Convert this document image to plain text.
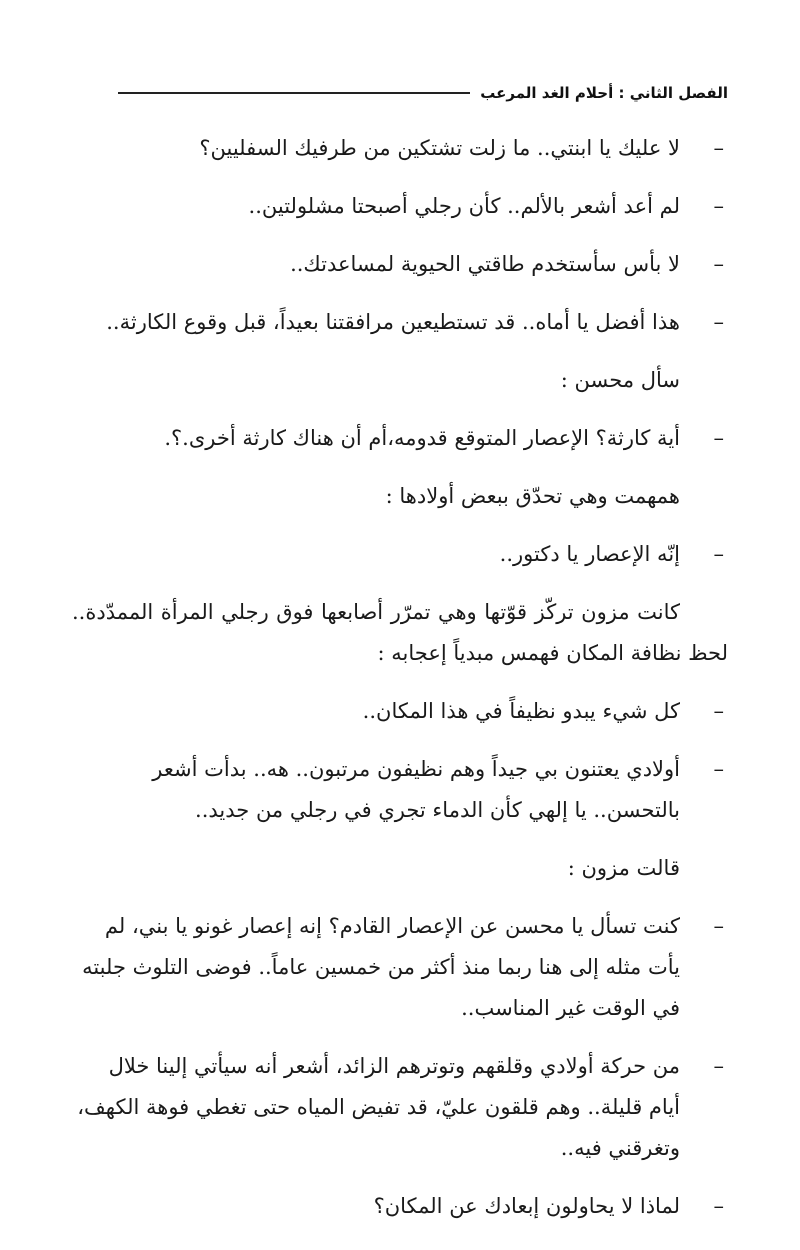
الفصل الثاني : أحلام الغد المرعب
–
لا عليك يا ابنتي.. ما زلت تشتكين من طرفيك السفليين؟
–
لم أعد أشعر بالألم.. كأن رجلي أصبحتا مشلولتين..
–
لا بأس سأستخدم طاقتي الحيوية لمساعدتك..
–
هذا أفضل يا أماه.. قد تستطيعين مرافقتنا بعيداً، قبل وقوع الكارثة..
سأل محسن :
–
أية كارثة؟ الإعصار المتوقع قدومه،أم أن هناك كارثة أخرى.؟.
همهمت وهي تحدّق ببعض أولادها :
–
إنّه الإعصار يا دكتور..
كانت مزون تركّز قوّتها وهي تمرّر أصابعها فوق رجلي المرأة الممدّدة.. لحظ نظافة المكان فهمس مبدياً إعجابه :
–
كل شيء يبدو نظيفاً في هذا المكان..
–
أولادي يعتنون بي جيداً وهم نظيفون مرتبون.. هه.. بدأت أشعر بالتحسن.. يا إلهي كأن الدماء تجري في رجلي من جديد..
قالت مزون :
–
كنت تسأل يا محسن عن الإعصار القادم؟ إنه إعصار غونو يا بني، لم يأت مثله إلى هنا ربما منذ أكثر من خمسين عاماً.. فوضى التلوث جلبته في الوقت غير المناسب..
–
من حركة أولادي وقلقهم وتوترهم الزائد، أشعر أنه سيأتي إلينا خلال أيام قليلة.. وهم قلقون عليّ، قد تفيض المياه حتى تغطي فوهة الكهف، وتغرقني فيه..
–
لماذا لا يحاولون إبعادك عن المكان؟
